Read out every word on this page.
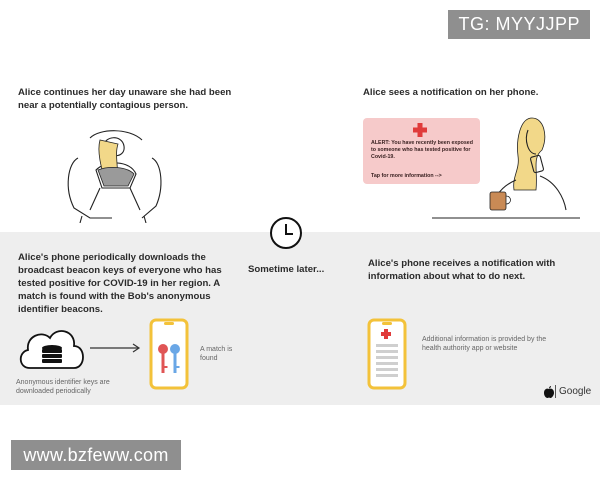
TG: MYYJJPP
Alice continues her day unaware she had been near a potentially contagious person.
Alice sees a notification on her phone.
ALERT: You have recently been exposed to someone who has tested positive for Covid-19.
Tap for more information -->
Sometime later...
Alice's phone periodically downloads the broadcast beacon keys of everyone who has tested positive for COVID-19 in her region. A match is found with the Bob's anonymous identifier beacons.
Anonymous identifier keys are downloaded periodically
A match is found
Alice's phone receives a notification with information about what to do next.
Additional information is provided by the health authority app or website
Google
www.bzfeww.com
